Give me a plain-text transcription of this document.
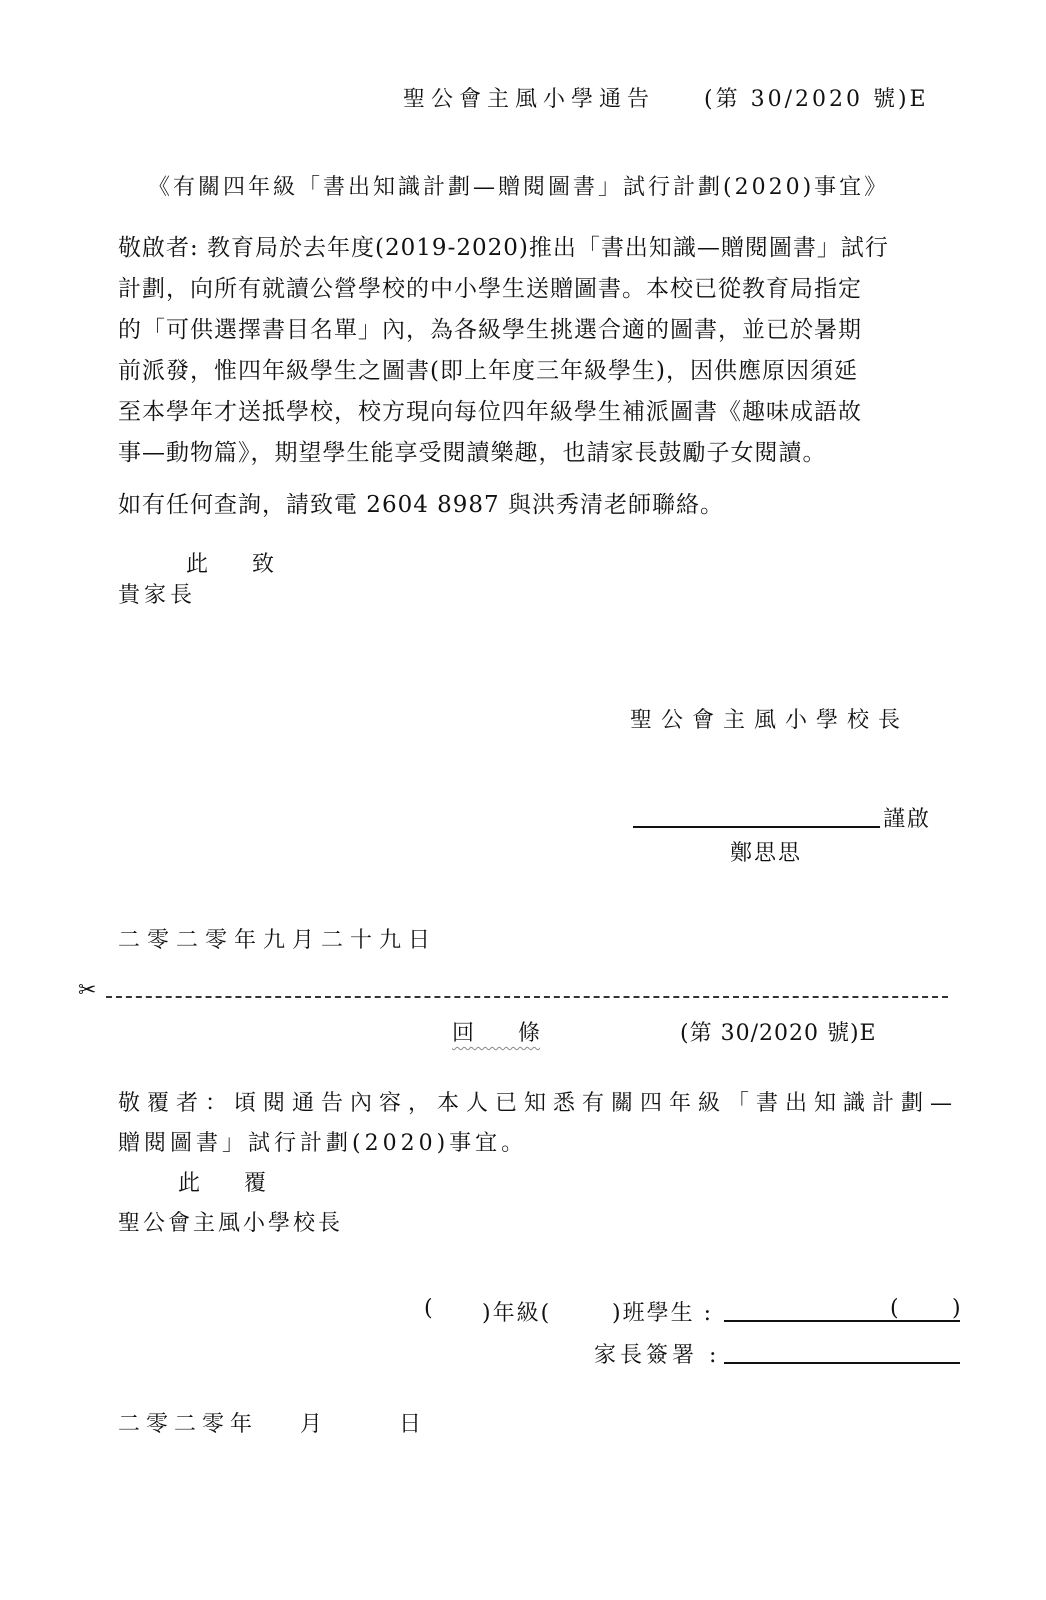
聖公會主風小學通告 (第 30/2020 號)E
《有關四年級「書出知識計劃—贈閱圖書」試行計劃(2020)事宜》
敬啟者: 教育局於去年度(2019-2020)推出「書出知識—贈閱圖書」試行
計劃，向所有就讀公營學校的中小學生送贈圖書。本校已從教育局指定
的「可供選擇書目名單」內，為各級學生挑選合適的圖書，並已於暑期
前派發，惟四年級學生之圖書(即上年度三年級學生)，因供應原因須延
至本學年才送抵學校，校方現向每位四年級學生補派圖書《趣味成語故
事—動物篇》，期望學生能享受閱讀樂趣，也請家長鼓勵子女閱讀。
如有任何查詢，請致電 2604 8987 與洪秀清老師聯絡。
此　　致
貴家長
聖公會主風小學校長
謹啟
鄭思思
二零二零年九月二十九日
✂
回　　條	(第 30/2020 號)E
敬覆者：頃閱通告內容，本人已知悉有關四年級「書出知識計劃—
贈閱圖書」試行計劃(2020)事宜。
此　　覆
聖公會主風小學校長
( )年級(	)班學生 :	( )
家長簽署 :
二零二零年 月	日
